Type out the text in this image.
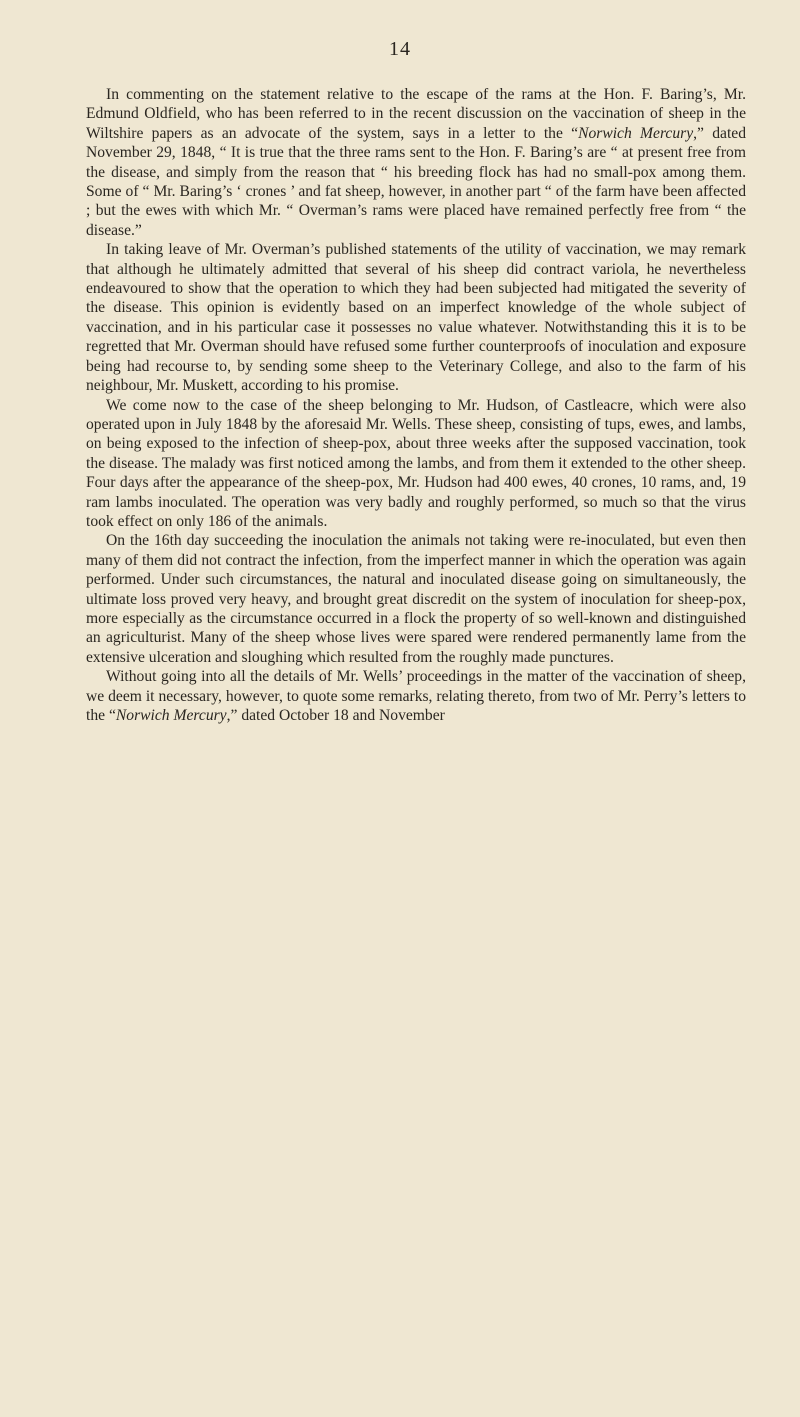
14

In commenting on the statement relative to the escape of the rams at the Hon. F. Baring’s, Mr. Edmund Oldfield, who has been referred to in the recent discussion on the vaccination of sheep in the Wiltshire papers as an advocate of the system, says in a letter to the “Norwich Mercury,” dated November 29, 1848, “ It is true that the three rams sent to the Hon. F. Baring’s are “ at present free from the disease, and simply from the reason that “ his breeding flock has had no small-pox among them. Some of “ Mr. Baring’s ‘ crones ’ and fat sheep, however, in another part “ of the farm have been affected ; but the ewes with which Mr. “ Overman’s rams were placed have remained perfectly free from “ the disease.”

In taking leave of Mr. Overman’s published statements of the utility of vaccination, we may remark that although he ultimately admitted that several of his sheep did contract variola, he nevertheless endeavoured to show that the operation to which they had been subjected had mitigated the severity of the disease. This opinion is evidently based on an imperfect knowledge of the whole subject of vaccination, and in his particular case it possesses no value whatever. Notwithstanding this it is to be regretted that Mr. Overman should have refused some further counterproofs of inoculation and exposure being had recourse to, by sending some sheep to the Veterinary College, and also to the farm of his neighbour, Mr. Muskett, according to his promise.

We come now to the case of the sheep belonging to Mr. Hudson, of Castleacre, which were also operated upon in July 1848 by the aforesaid Mr. Wells. These sheep, consisting of tups, ewes, and lambs, on being exposed to the infection of sheep-pox, about three weeks after the supposed vaccination, took the disease. The malady was first noticed among the lambs, and from them it extended to the other sheep. Four days after the appearance of the sheep-pox, Mr. Hudson had 400 ewes, 40 crones, 10 rams, and, 19 ram lambs inoculated. The operation was very badly and roughly performed, so much so that the virus took effect on only 186 of the animals.

On the 16th day succeeding the inoculation the animals not taking were re-inoculated, but even then many of them did not contract the infection, from the imperfect manner in which the operation was again performed. Under such circumstances, the natural and inoculated disease going on simultaneously, the ultimate loss proved very heavy, and brought great discredit on the system of inoculation for sheep-pox, more especially as the circumstance occurred in a flock the property of so well-known and distinguished an agriculturist. Many of the sheep whose lives were spared were rendered permanently lame from the extensive ulceration and sloughing which resulted from the roughly made punctures.

Without going into all the details of Mr. Wells’ proceedings in the matter of the vaccination of sheep, we deem it necessary, however, to quote some remarks, relating thereto, from two of Mr. Perry’s letters to the “Norwich Mercury,” dated October 18 and November
